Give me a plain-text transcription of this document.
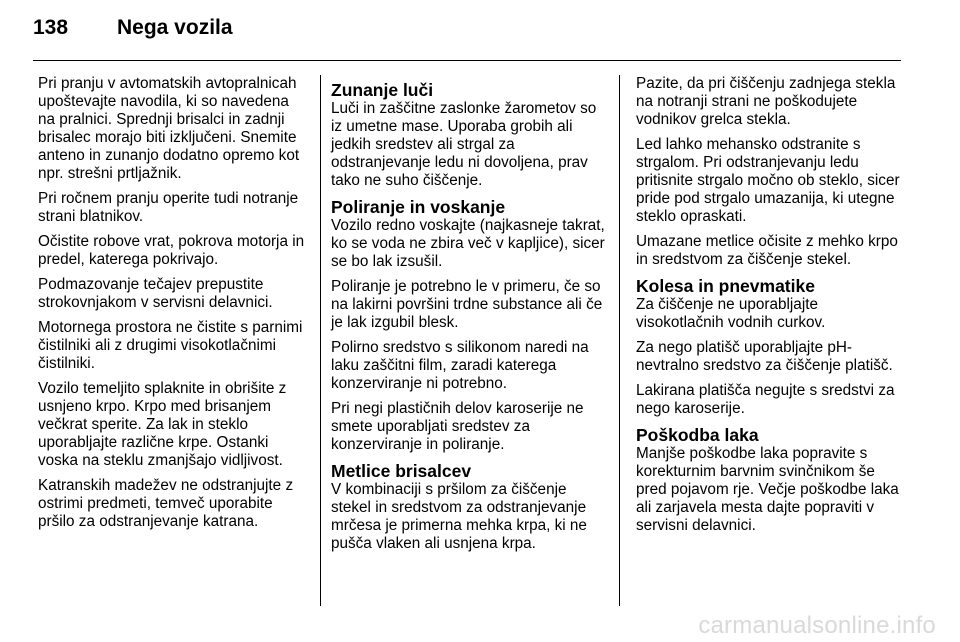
138 Nega vozila

Pri pranju v avtomatskih avtopralnicah upoštevajte navodila, ki so navedena na pralnici. Sprednji brisalci in zadnji brisalec morajo biti izključeni. Snemite anteno in zunanjo dodatno opremo kot npr. strešni prtljažnik.

Pri ročnem pranju operite tudi notranje strani blatnikov.

Očistite robove vrat, pokrova motorja in predel, katerega pokrivajo.

Podmazovanje tečajev prepustite strokovnjakom v servisni delavnici.

Motornega prostora ne čistite s parnimi čistilniki ali z drugimi visokotlačnimi čistilniki.

Vozilo temeljito splaknite in obrišite z usnjeno krpo. Krpo med brisanjem večkrat sperite. Za lak in steklo uporabljajte različne krpe. Ostanki voska na steklu zmanjšajo vidljivost.

Katranskih madežev ne odstranjujte z ostrimi predmeti, temveč uporabite pršilo za odstranjevanje katrana.

Zunanje luči

Luči in zaščitne zaslonke žarometov so iz umetne mase. Uporaba grobih ali jedkih sredstev ali strgal za odstranjevanje ledu ni dovoljena, prav tako ne suho čiščenje.

Poliranje in voskanje

Vozilo redno voskajte (najkasneje takrat, ko se voda ne zbira več v kapljice), sicer se bo lak izsušil.

Poliranje je potrebno le v primeru, če so na lakirni površini trdne substance ali če je lak izgubil blesk.

Polirno sredstvo s silikonom naredi na laku zaščitni film, zaradi katerega konzerviranje ni potrebno.

Pri negi plastičnih delov karoserije ne smete uporabljati sredstev za konzerviranje in poliranje.

Metlice brisalcev

V kombinaciji s pršilom za čiščenje stekel in sredstvom za odstranjevanje mrčesa je primerna mehka krpa, ki ne pušča vlaken ali usnjena krpa.

Pazite, da pri čiščenju zadnjega stekla na notranji strani ne poškodujete vodnikov grelca stekla.

Led lahko mehansko odstranite s strgalom. Pri odstranjevanju ledu pritisnite strgalo močno ob steklo, sicer pride pod strgalo umazanija, ki utegne steklo opraskati.

Umazane metlice očisite z mehko krpo in sredstvom za čiščenje stekel.

Kolesa in pnevmatike

Za čiščenje ne uporabljajte visokotlačnih vodnih curkov.

Za nego platišč uporabljajte pH-nevtralno sredstvo za čiščenje platišč.

Lakirana platišča negujte s sredstvi za nego karoserije.

Poškodba laka

Manjše poškodbe laka popravite s korekturnim barvnim svinčnikom še pred pojavom rje. Večje poškodbe laka ali zarjavela mesta dajte popraviti v servisni delavnici.

carmanualsonline.info
